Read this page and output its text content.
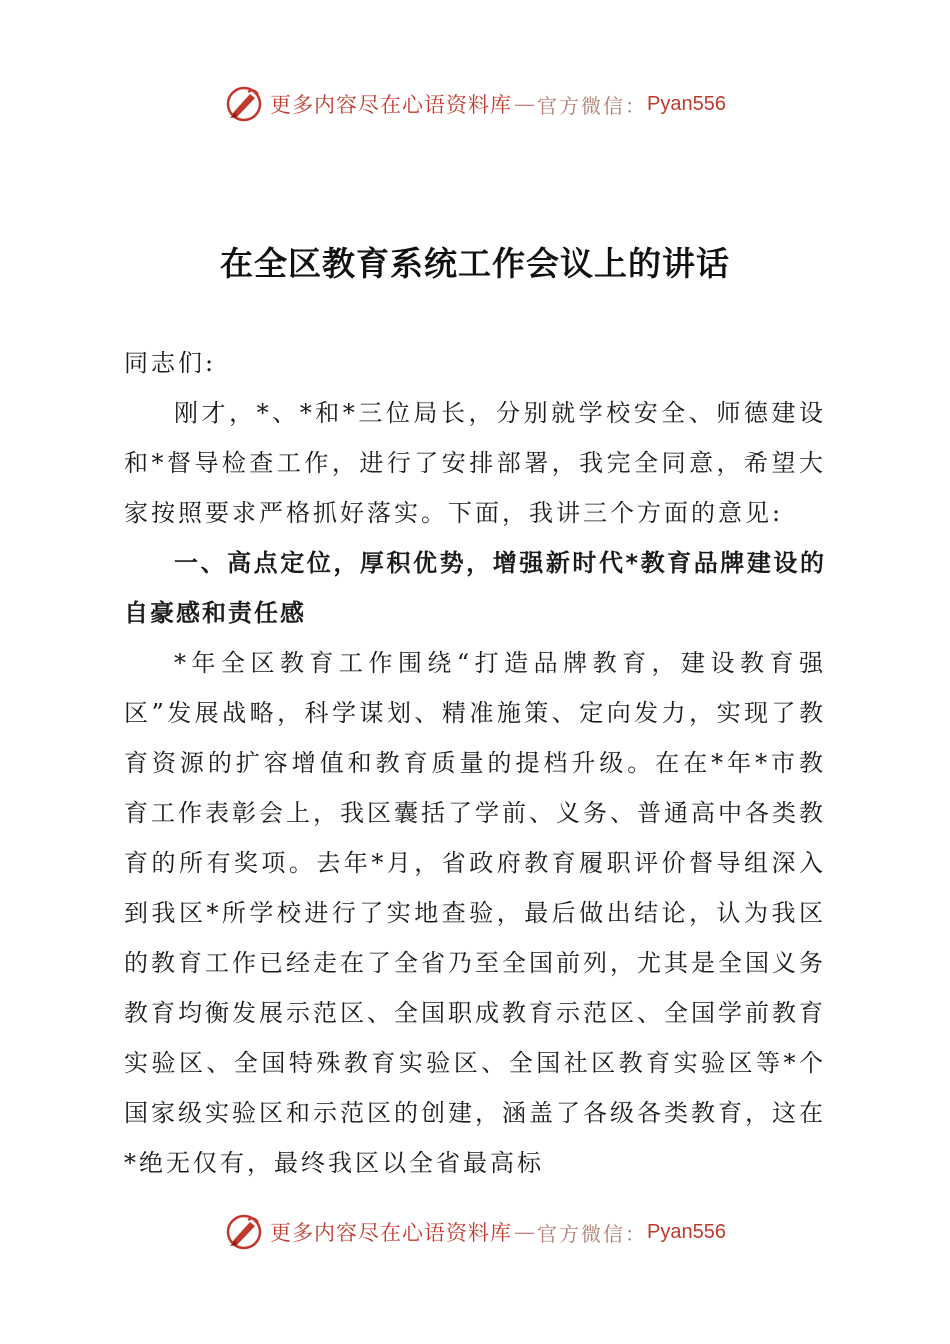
更多内容尽在心语资料库 — 官方微信： Pyan556
在全区教育系统工作会议上的讲话

同志们:

刚才，*、*和*三位局长，分别就学校安全、师德建设和*督导检查工作，进行了安排部署，我完全同意，希望大家按照要求严格抓好落实。下面，我讲三个方面的意见:

一、高点定位，厚积优势，增强新时代*教育品牌建设的自豪感和责任感

*年全区教育工作围绕“打造品牌教育，建设教育强区”发展战略，科学谋划、精准施策、定向发力，实现了教育资源的扩容增值和教育质量的提档升级。在在*年*市教育工作表彰会上，我区囊括了学前、义务、普通高中各类教育的所有奖项。去年*月，省政府教育履职评价督导组深入到我区*所学校进行了实地查验，最后做出结论，认为我区的教育工作已经走在了全省乃至全国前列，尤其是全国义务教育均衡发展示范区、全国职成教育示范区、全国学前教育实验区、全国特殊教育实验区、全国社区教育实验区等*个国家级实验区和示范区的创建，涵盖了各级各类教育，这在*绝无仅有，最终我区以全省最高标

更多内容尽在心语资料库 — 官方微信： Pyan556
